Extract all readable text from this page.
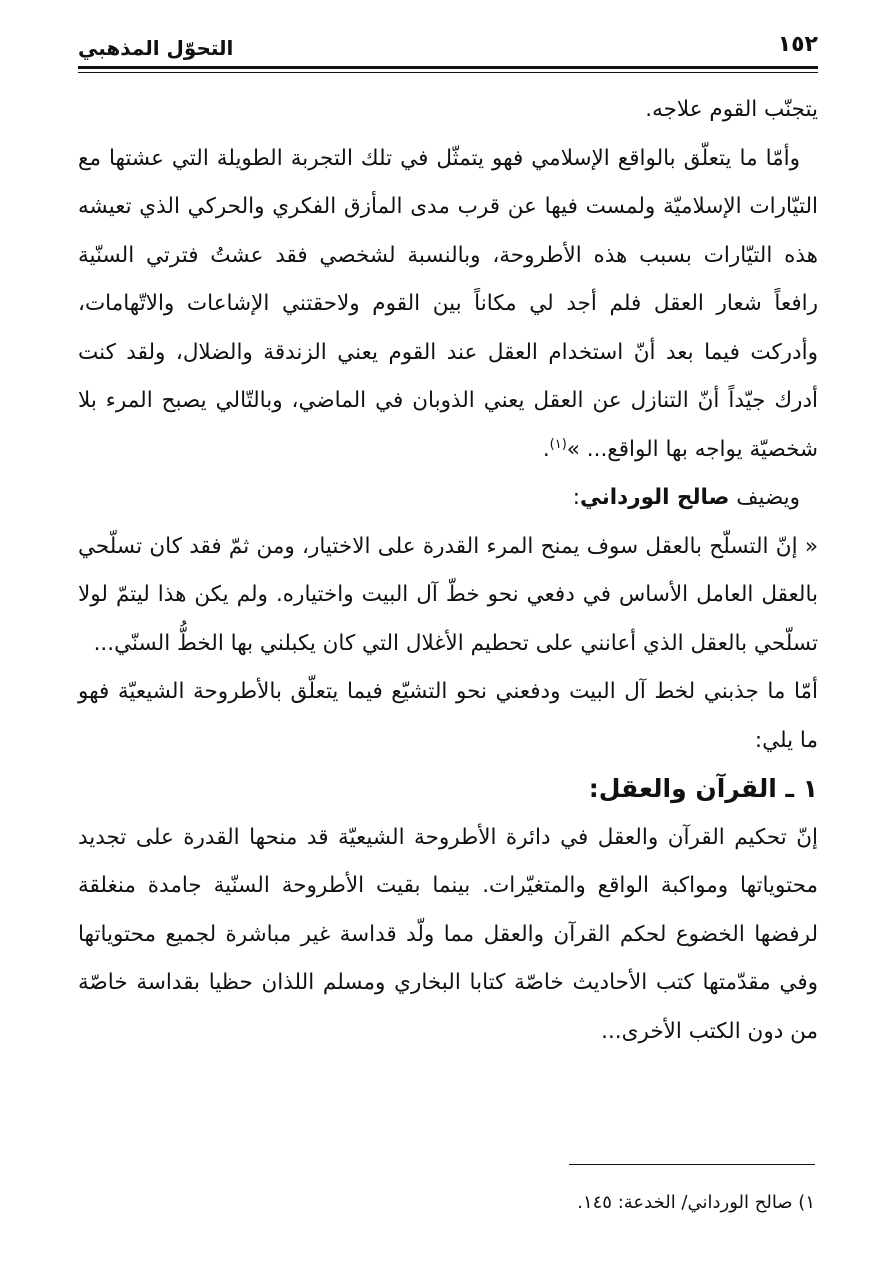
١٥٢
التحوّل المذهبي

يتجنّب القوم علاجه.

وأمّا ما يتعلّق بالواقع الإسلامي فهو يتمثّل في تلك التجربة الطويلة التي عشتها مع التيّارات الإسلاميّة ولمست فيها عن قرب مدى المأزق الفكري والحركي الذي تعيشه هذه التيّارات بسبب هذه الأطروحة، وبالنسبة لشخصي فقد عشتُ فترتي السنّية رافعاً شعار العقل فلم أجد لي مكاناً بين القوم ولاحقتني الإشاعات والاتّهامات، وأدركت فيما بعد أنّ استخدام العقل عند القوم يعني الزندقة والضلال، ولقد كنت أدرك جيّداً أنّ التنازل عن العقل يعني الذوبان في الماضي، وبالتّالي يصبح المرء بلا شخصيّة يواجه بها الواقع... »$^{(١)}$.

ويضيف صالح الورداني:

« إنّ التسلّح بالعقل سوف يمنح المرء القدرة على الاختيار، ومن ثمّ فقد كان تسلّحي بالعقل العامل الأساس في دفعي نحو خطّ آل البيت واختياره. ولم يكن هذا ليتمّ لولا تسلّحي بالعقل الذي أعانني على تحطيم الأغلال التي كان يكبلني بها الخطُّ السنّي...

أمّا ما جذبني لخط آل البيت ودفعني نحو التشيّع فيما يتعلّق بالأطروحة الشيعيّة فهو ما يلي:

١ ـ القرآن والعقل:

إنّ تحكيم القرآن والعقل في دائرة الأطروحة الشيعيّة قد منحها القدرة على تجديد محتوياتها ومواكبة الواقع والمتغيّرات. بينما بقيت الأطروحة السنّية جامدة منغلقة لرفضها الخضوع لحكم القرآن والعقل مما ولّد قداسة غير مباشرة لجميع محتوياتها وفي مقدّمتها كتب الأحاديث خاصّة كتابا البخاري ومسلم اللذان حظيا بقداسة خاصّة من دون الكتب الأخرى...

١) صالح الورداني/ الخدعة: ١٤٥.
